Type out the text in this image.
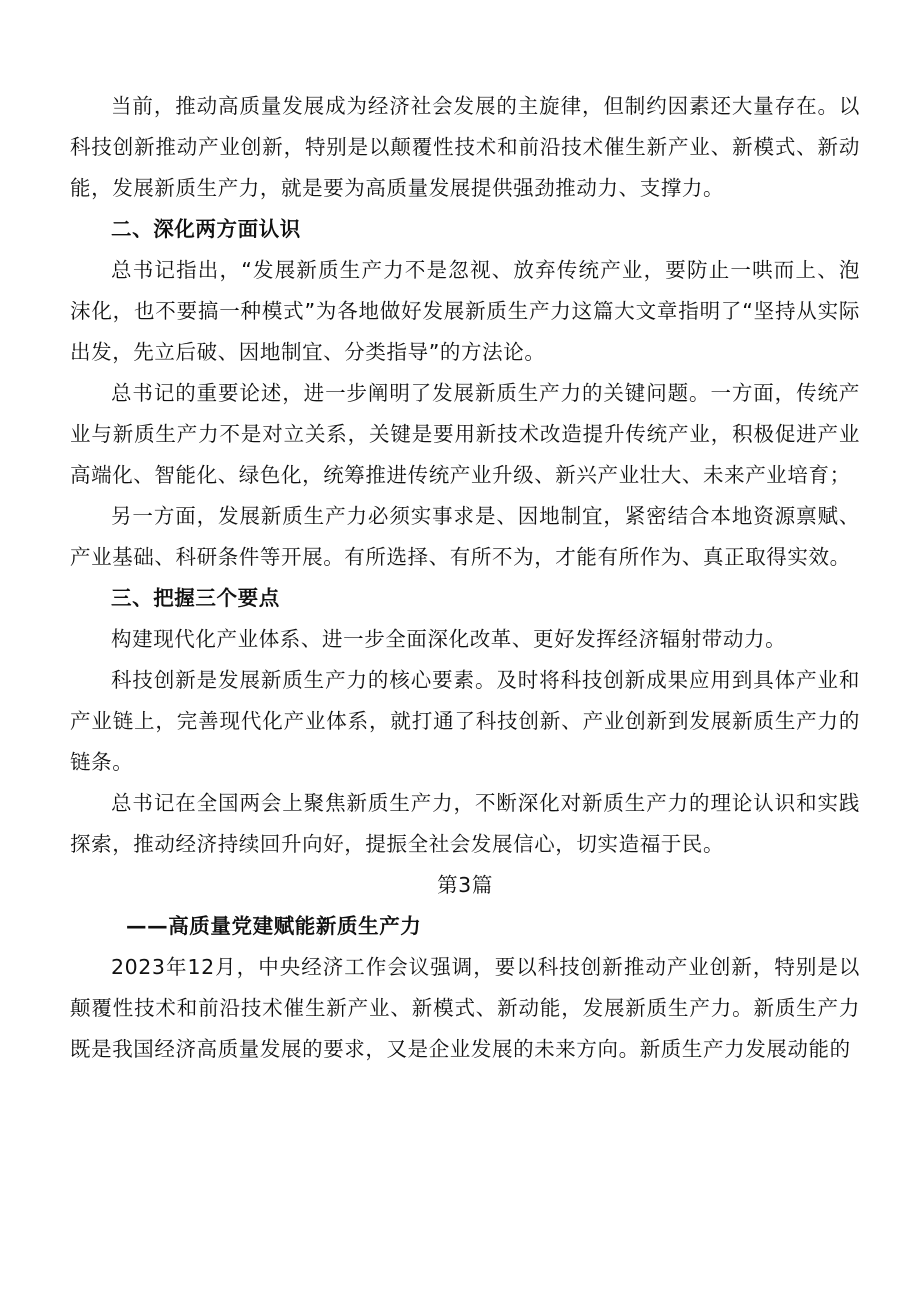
当前，推动高质量发展成为经济社会发展的主旋律，但制约因素还大量存在。以科技创新推动产业创新，特别是以颠覆性技术和前沿技术催生新产业、新模式、新动能，发展新质生产力，就是要为高质量发展提供强劲推动力、支撑力。

二、深化两方面认识

总书记指出，“发展新质生产力不是忽视、放弃传统产业，要防止一哄而上、泡沫化，也不要搞一种模式”为各地做好发展新质生产力这篇大文章指明了“坚持从实际出发，先立后破、因地制宜、分类指导”的方法论。

总书记的重要论述，进一步阐明了发展新质生产力的关键问题。一方面，传统产业与新质生产力不是对立关系，关键是要用新技术改造提升传统产业，积极促进产业高端化、智能化、绿色化，统筹推进传统产业升级、新兴产业壮大、未来产业培育；

另一方面，发展新质生产力必须实事求是、因地制宜，紧密结合本地资源禀赋、产业基础、科研条件等开展。有所选择、有所不为，才能有所作为、真正取得实效。

三、把握三个要点

构建现代化产业体系、进一步全面深化改革、更好发挥经济辐射带动力。

科技创新是发展新质生产力的核心要素。及时将科技创新成果应用到具体产业和产业链上，完善现代化产业体系，就打通了科技创新、产业创新到发展新质生产力的链条。

总书记在全国两会上聚焦新质生产力，不断深化对新质生产力的理论认识和实践探索，推动经济持续回升向好，提振全社会发展信心，切实造福于民。

第3篇

——高质量党建赋能新质生产力

2023年12月，中央经济工作会议强调，要以科技创新推动产业创新，特别是以颠覆性技术和前沿技术催生新产业、新模式、新动能，发展新质生产力。新质生产力既是我国经济高质量发展的要求，又是企业发展的未来方向。新质生产力发展动能的
